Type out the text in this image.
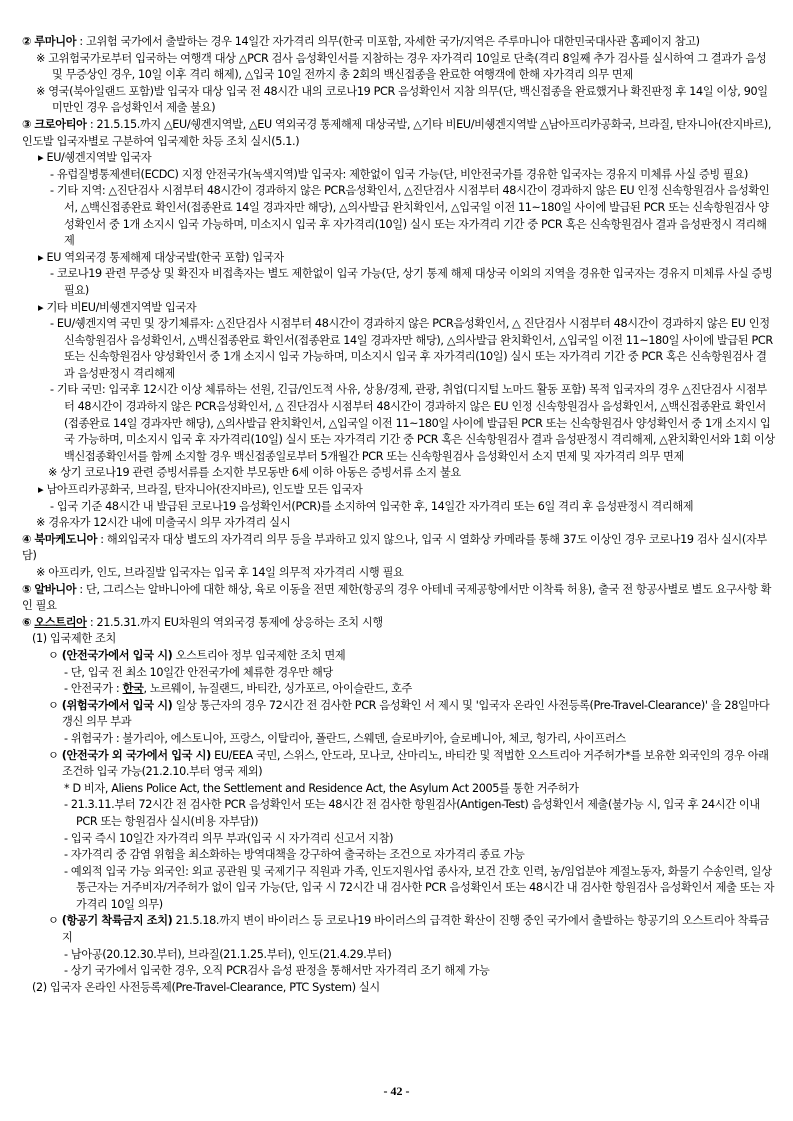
② 루마니아 : 고위험 국가에서 출발하는 경우 14일간 자가격리 의무(한국 미포함, 자세한 국가/지역은 주루마니아 대한민국대사관 홈페이지 참고)

※ 고위험국가로부터 입국하는 여행객 대상 △PCR 검사 음성확인서를 지참하는 경우 자가격리 10일로 단축(격리 8일째 추가 검사를 실시하여 그 결과가 음성 및 무증상인 경우, 10일 이후 격리 해제), △입국 10일 전까지 총 2회의 백신접종을 완료한 여행객에 한해 자가격리 의무 면제

※ 영국(북아일랜드 포함)발 입국자 대상 입국 전 48시간 내의 코로나19 PCR 음성확인서 지참 의무(단, 백신접종을 완료했거나 확진판정 후 14일 이상, 90일 미만인 경우 음성확인서 제출 불요)

③ 크로아티아 : 21.5.15.까지 △EU/쉥겐지역발, △EU 역외국경 통제해제 대상국발, △기타 비EU/비쉥겐지역발 △남아프리카공화국, 브라질, 탄자니아(잔지바르), 인도발 입국자별로 구분하여 입국제한 차등 조치 실시(5.1.)

▸ EU/쉥겐지역발 입국자

- 유럽질병통제센터(ECDC) 지정 안전국가(녹색지역)발 입국자: 제한없이 입국 가능(단, 비안전국가를 경유한 입국자는 경유지 미체류 사실 증빙 필요)

- 기타 지역: △진단검사 시점부터 48시간이 경과하지 않은 PCR음성확인서, △진단검사 시점부터 48시간이 경과하지 않은 EU 인정 신속항원검사 음성확인서, △백신접종완료 확인서(접종완료 14일 경과자만 해당), △의사발급 완치확인서, △입국일 이전 11~180일 사이에 발급된 PCR 또는 신속항원검사 양성확인서 중 1개 소지시 입국 가능하며, 미소지시 입국 후 자가격리(10일) 실시 또는 자가격리 기간 중 PCR 혹은 신속항원검사 결과 음성판정시 격리해제

▸ EU 역외국경 통제해제 대상국발(한국 포함) 입국자

- 코로나19 관련 무증상 및 확진자 비접촉자는 별도 제한없이 입국 가능(단, 상기 통제 해제 대상국 이외의 지역을 경유한 입국자는 경유지 미체류 사실 증빙 필요)

▸ 기타 비EU/비쉥겐지역발 입국자

- EU/쉥겐지역 국민 및 장기체류자: △진단검사 시점부터 48시간이 경과하지 않은 PCR음성확인서, △ 진단검사 시점부터 48시간이 경과하지 않은 EU 인정 신속항원검사 음성확인서, △백신접종완료 확인서(접종완료 14일 경과자만 해당), △의사발급 완치확인서, △입국일 이전 11~180일 사이에 발급된 PCR 또는 신속항원검사 양성확인서 중 1개 소지시 입국 가능하며, 미소지시 입국 후 자가격리(10일) 실시 또는 자가격리 기간 중 PCR 혹은 신속항원검사 결과 음성판정시 격리해제

- 기타 국민: 입국후 12시간 이상 체류하는 선원, 긴급/인도적 사유, 상용/경제, 관광, 취업(디지털 노마드 활동 포함) 목적 입국자의 경우 △진단검사 시점부터 48시간이 경과하지 않은 PCR음성확인서, △ 진단검사 시점부터 48시간이 경과하지 않은 EU 인정 신속항원검사 음성확인서, △백신접종완료 확인서(접종완료 14일 경과자만 해당), △의사발급 완치확인서, △입국일 이전 11~180일 사이에 발급된 PCR 또는 신속항원검사 양성확인서 중 1개 소지시 입국 가능하며, 미소지시 입국 후 자가격리(10일) 실시 또는 자가격리 기간 중 PCR 혹은 신속항원검사 결과 음성판정시 격리해제, △완치확인서와 1회 이상 백신접종확인서를 함께 소지할 경우 백신접종일로부터 5개월간 PCR 또는 신속항원검사 음성확인서 소지 면제 및 자가격리 의무 면제

※ 상기 코로나19 관련 증빙서류를 소지한 부모동반 6세 이하 아동은 증빙서류 소지 불요

▸ 남아프리카공화국, 브라질, 탄자니아(잔지바르), 인도발 모든 입국자

- 입국 기준 48시간 내 발급된 코로나19 음성확인서(PCR)를 소지하여 입국한 후, 14일간 자가격리 또는 6일 격리 후 음성판정시 격리해제

※ 경유자가 12시간 내에 미출국시 의무 자가격리 실시

④ 북마케도니아 : 해외입국자 대상 별도의 자가격리 의무 등을 부과하고 있지 않으나, 입국 시 열화상 카메라를 통해 37도 이상인 경우 코로나19 검사 실시(자부담)

※ 아프리카, 인도, 브라질발 입국자는 입국 후 14일 의무적 자가격리 시행 필요

⑤ 알바니아 : 단, 그리스는 알바니아에 대한 해상, 육로 이동을 전면 제한(항공의 경우 아테네 국제공항에서만 이착륙 허용), 출국 전 항공사별로 별도 요구사항 확인 필요

⑥ 오스트리아 : 21.5.31.까지 EU차원의 역외국경 통제에 상응하는 조치 시행

(1) 입국제한 조치

ㅇ (안전국가에서 입국 시) 오스트리아 정부 입국제한 조치 면제

- 단, 입국 전 최소 10일간 안전국가에 체류한 경우만 해당

- 안전국가 : 한국, 노르웨이, 뉴질랜드, 바티칸, 싱가포르, 아이슬란드, 호주

ㅇ (위험국가에서 입국 시) 일상 통근자의 경우 72시간 전 검사한 PCR 음성확인 서 제시 및 '입국자 온라인 사전등록(Pre-Travel-Clearance)' 을 28일마다 갱신 의무 부과

- 위험국가 : 불가리아, 에스토니아, 프랑스, 이탈리아, 폴란드, 스웨덴, 슬로바키아, 슬로베니아, 체코, 헝가리, 사이프러스

ㅇ (안전국가 외 국가에서 입국 시) EU/EEA 국민, 스위스, 안도라, 모나코, 산마리노, 바티칸 및 적법한 오스트리아 거주허가*를 보유한 외국인의 경우 아래 조건하 입국 가능(21.2.10.부터 영국 제외)

* D 비자, Aliens Police Act, the Settlement and Residence Act, the Asylum Act 2005를 통한 거주허가

- 21.3.11.부터 72시간 전 검사한 PCR 음성확인서 또는 48시간 전 검사한 항원검사(Antigen-Test) 음성확인서 제출(불가능 시, 입국 후 24시간 이내 PCR 또는 항원검사 실시(비용 자부담))

- 입국 즉시 10일간 자가격리 의무 부과(입국 시 자가격리 신고서 지참)

- 자가격리 중 감염 위험을 최소화하는 방역대책을 강구하여 출국하는 조건으로 자가격리 종료 가능

- 예외적 입국 가능 외국인: 외교 공관원 및 국제기구 직원과 가족, 인도지원사업 종사자, 보건 간호 인력, 농/임업분야 계절노동자, 화물기 수송인력, 일상 통근자는 거주비자/거주허가 없이 입국 가능(단, 입국 시 72시간 내 검사한 PCR 음성확인서 또는 48시간 내 검사한 항원검사 음성확인서 제출 또는 자가격리 10일 의무)

ㅇ (항공기 착륙금지 조치) 21.5.18.까지 변이 바이러스 등 코로나19 바이러스의 급격한 확산이 진행 중인 국가에서 출발하는 항공기의 오스트리아 착륙금지

- 남아공(20.12.30.부터), 브라질(21.1.25.부터), 인도(21.4.29.부터)

- 상기 국가에서 입국한 경우, 오직 PCR검사 음성 판정을 통해서만 자가격리 조기 해제 가능

(2) 입국자 온라인 사전등록제(Pre-Travel-Clearance, PTC System) 실시

- 42 -
